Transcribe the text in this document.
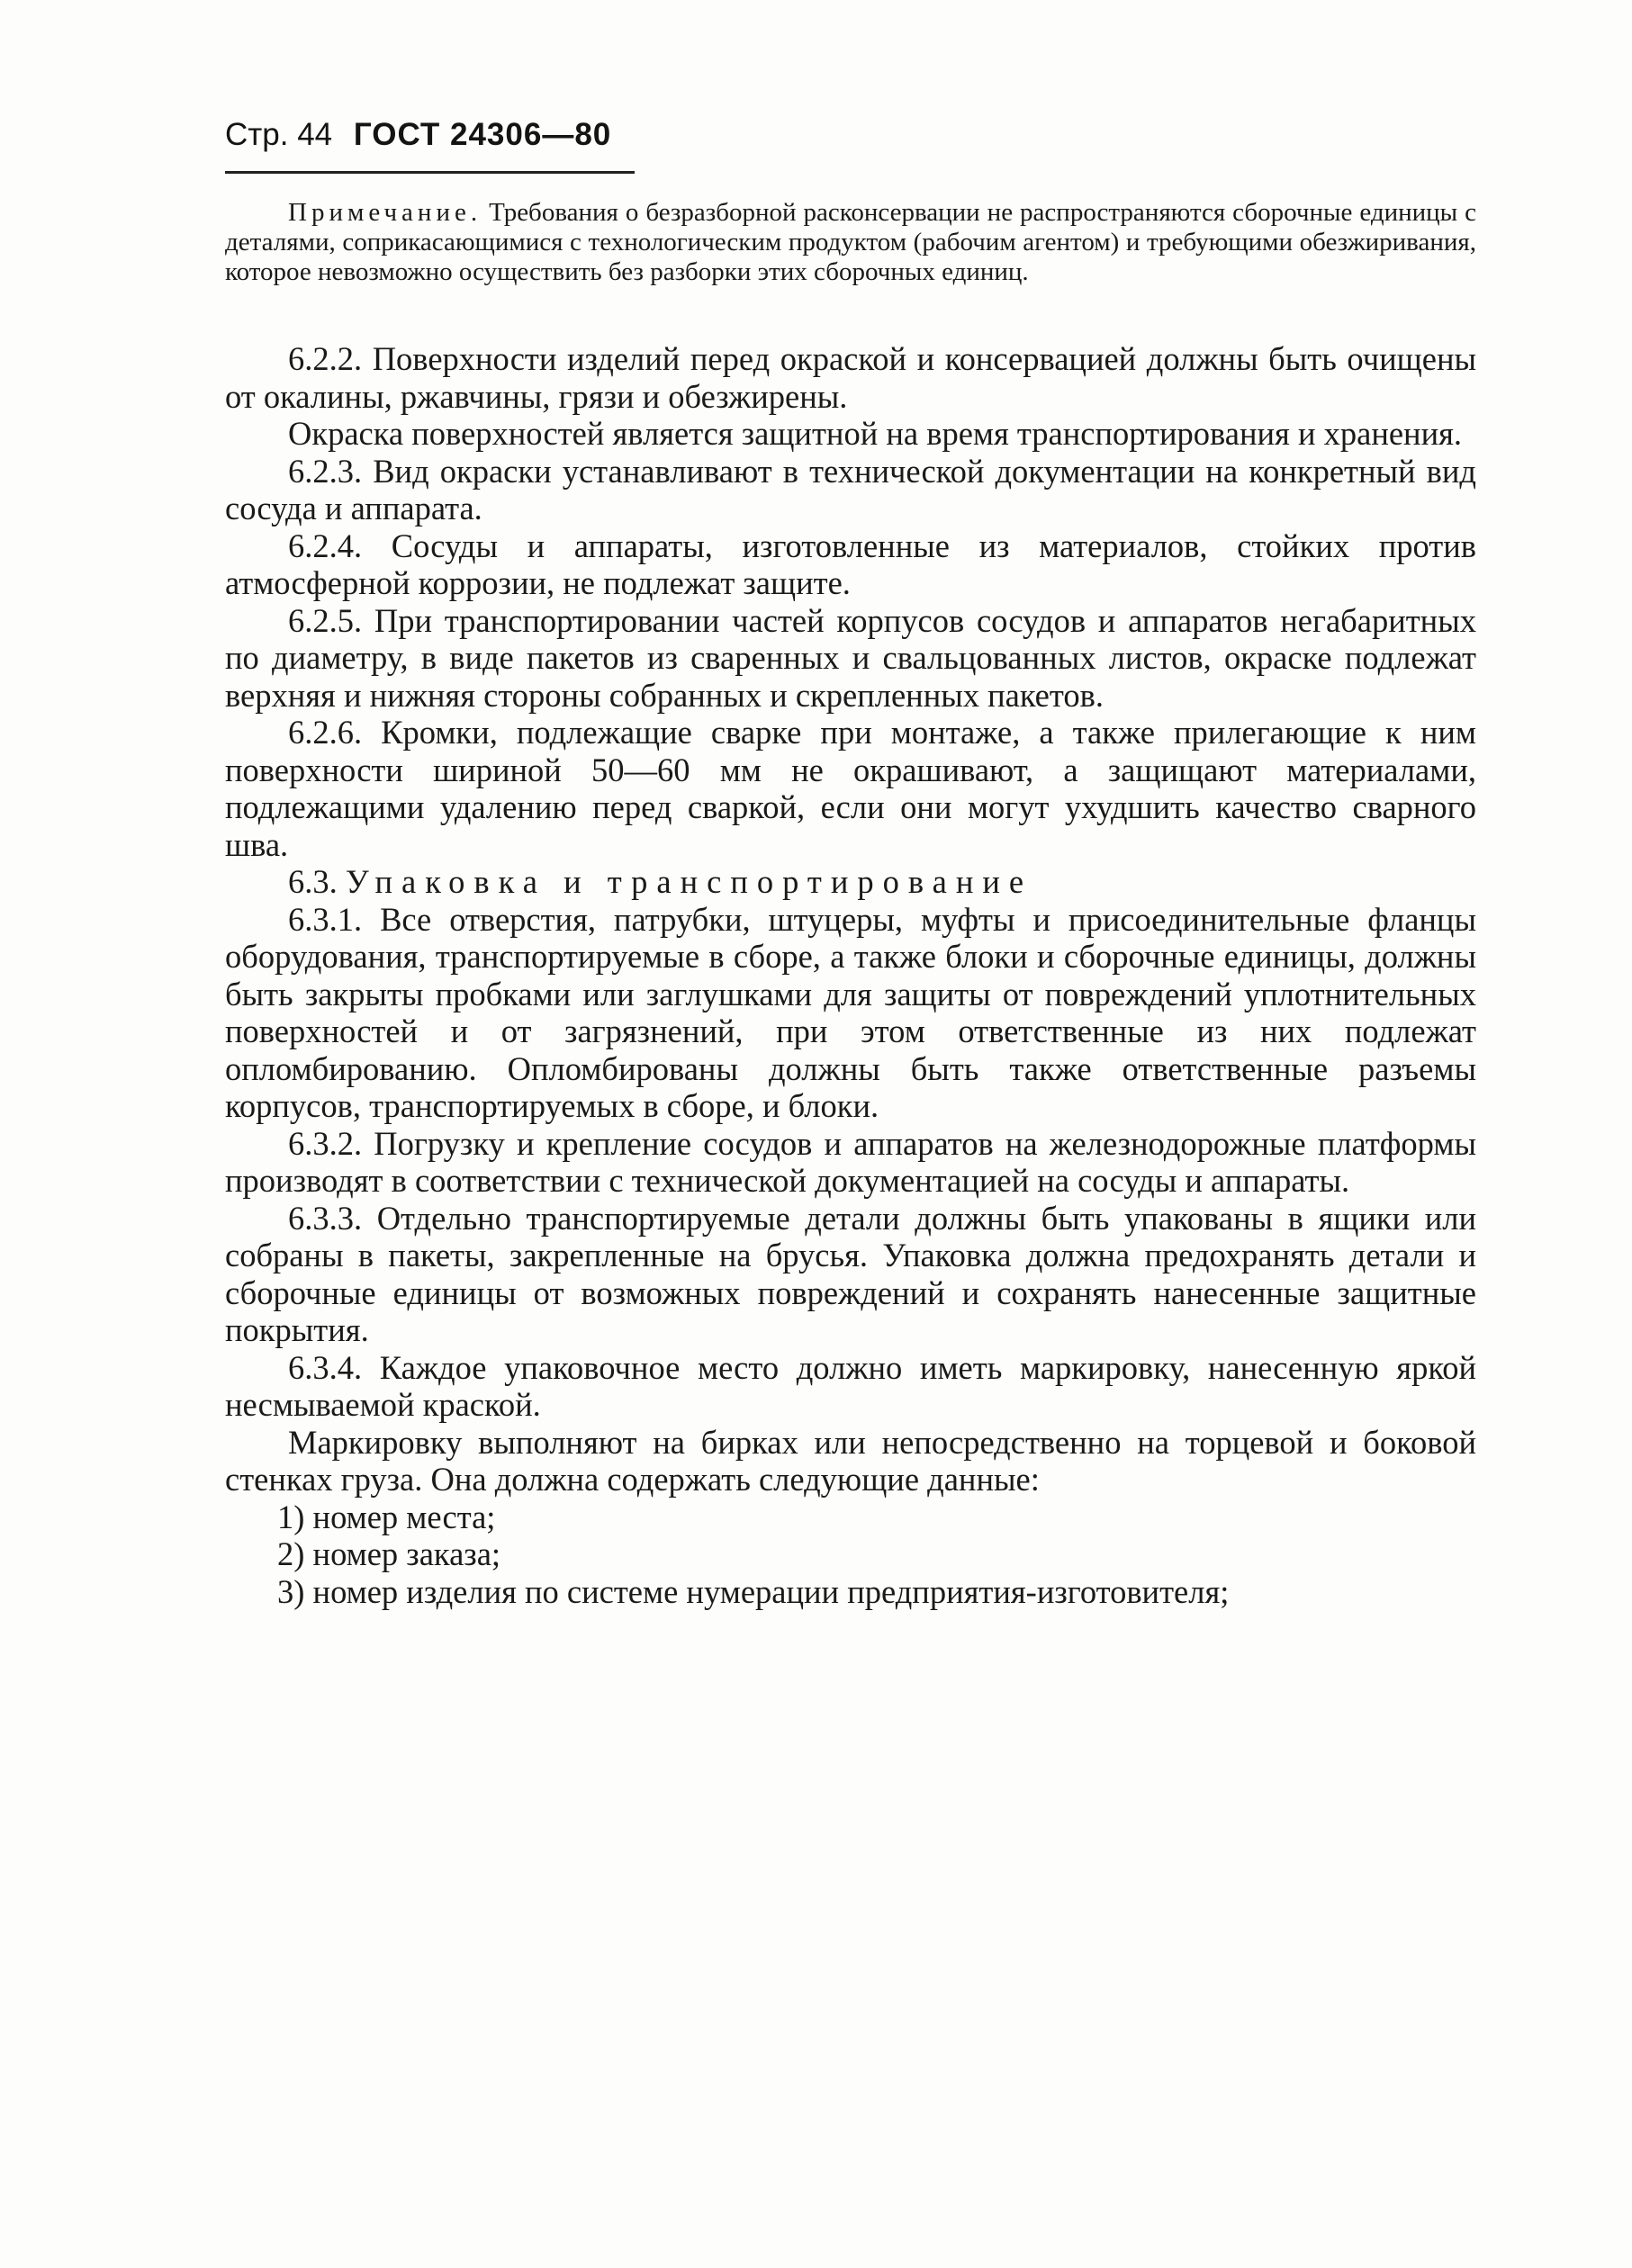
Стр. 44 ГОСТ 24306—80
Примечание. Требования о безразборной расконсервации не распространяются сборочные единицы с деталями, соприкасающимися с технологическим продуктом (рабочим агентом) и требующими обезжиривания, которое невозможно осуществить без разборки этих сборочных единиц.

6.2.2. Поверхности изделий перед окраской и консервацией должны быть очищены от окалины, ржавчины, грязи и обезжирены.

Окраска поверхностей является защитной на время транспортирования и хранения.

6.2.3. Вид окраски устанавливают в технической документации на конкретный вид сосуда и аппарата.

6.2.4. Сосуды и аппараты, изготовленные из материалов, стойких против атмосферной коррозии, не подлежат защите.

6.2.5. При транспортировании частей корпусов сосудов и аппаратов негабаритных по диаметру, в виде пакетов из сваренных и свальцованных листов, окраске подлежат верхняя и нижняя стороны собранных и скрепленных пакетов.

6.2.6. Кромки, подлежащие сварке при монтаже, а также прилегающие к ним поверхности шириной 50—60 мм не окрашивают, а защищают материалами, подлежащими удалению перед сваркой, если они могут ухудшить качество сварного шва.

6.3. Упаковка и транспортирование

6.3.1. Все отверстия, патрубки, штуцеры, муфты и присоединительные фланцы оборудования, транспортируемые в сборе, а также блоки и сборочные единицы, должны быть закрыты пробками или заглушками для защиты от повреждений уплотнительных поверхностей и от загрязнений, при этом ответственные из них подлежат опломбированию. Опломбированы должны быть также ответственные разъемы корпусов, транспортируемых в сборе, и блоки.

6.3.2. Погрузку и крепление сосудов и аппаратов на железнодорожные платформы производят в соответствии с технической документацией на сосуды и аппараты.

6.3.3. Отдельно транспортируемые детали должны быть упакованы в ящики или собраны в пакеты, закрепленные на брусья. Упаковка должна предохранять детали и сборочные единицы от возможных повреждений и сохранять нанесенные защитные покрытия.

6.3.4. Каждое упаковочное место должно иметь маркировку, нанесенную яркой несмываемой краской.

Маркировку выполняют на бирках или непосредственно на торцевой и боковой стенках груза. Она должна содержать следующие данные:

1) номер места;

2) номер заказа;

3) номер изделия по системе нумерации предприятия-изготовителя;
